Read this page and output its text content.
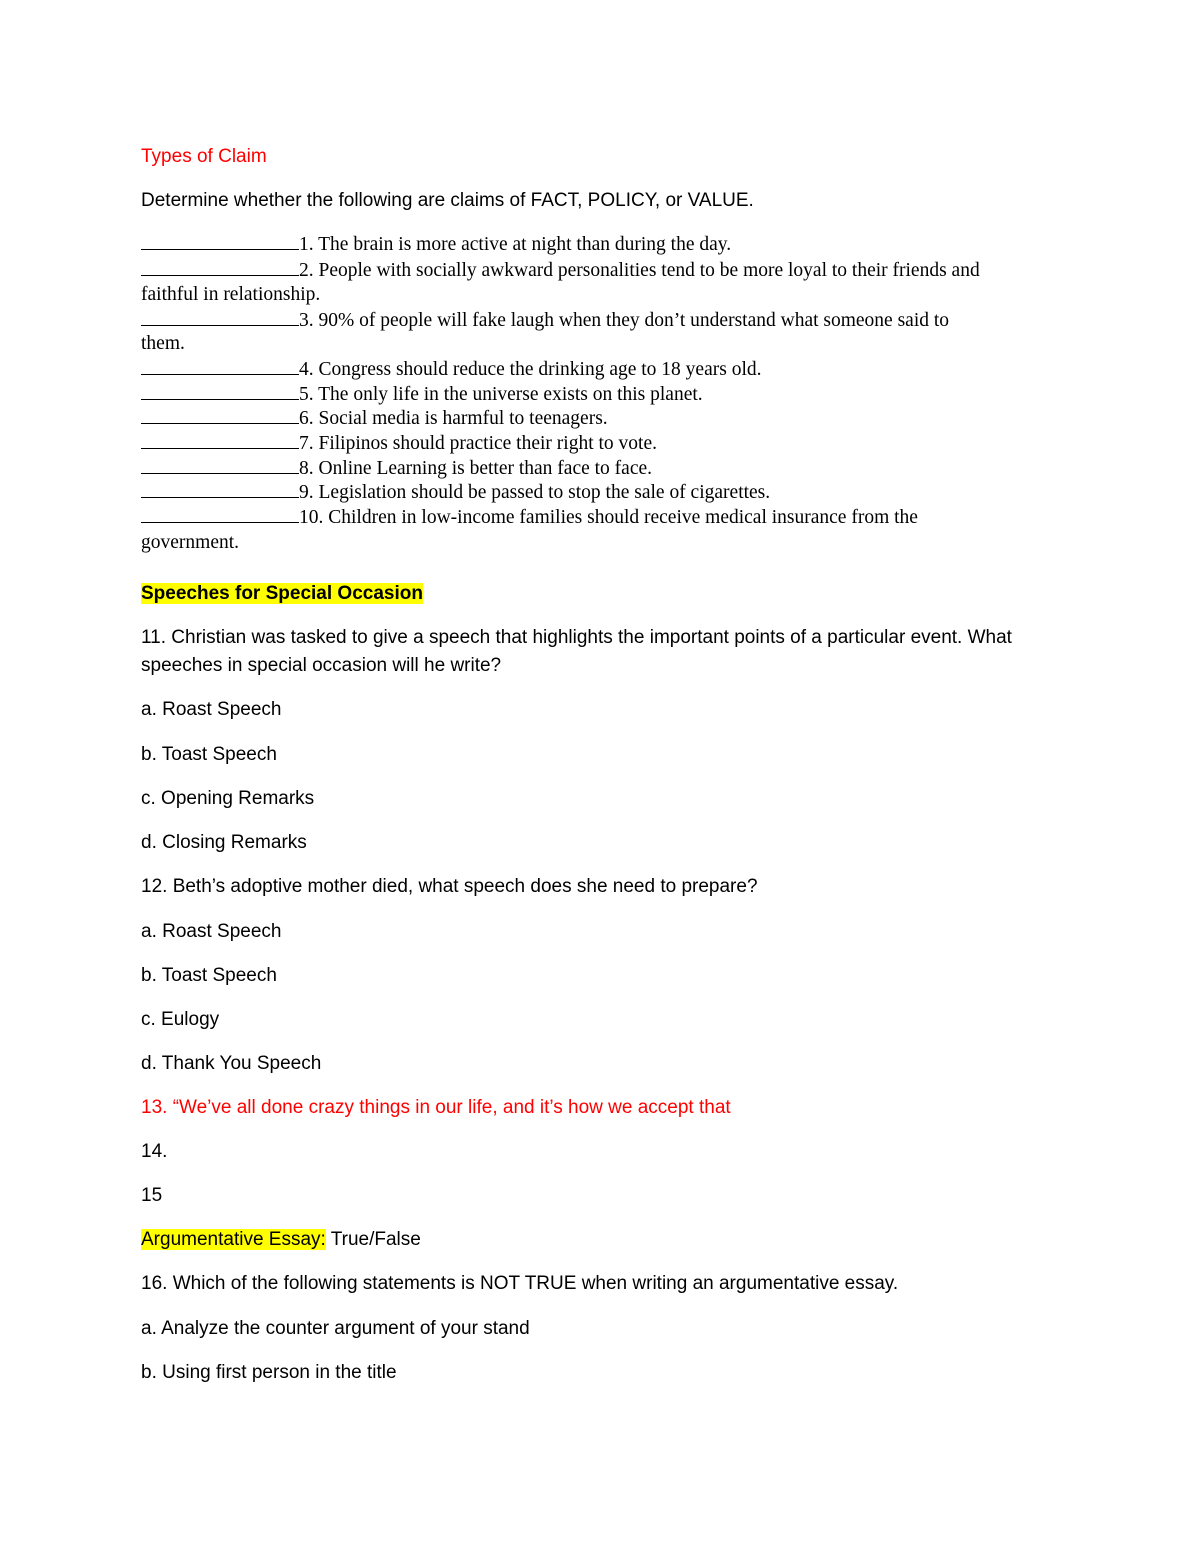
Types of Claim
Determine whether the following are claims of FACT, POLICY, or VALUE.
1. The brain is more active at night than during the day.
2. People with socially awkward personalities tend to be more loyal to their friends and
faithful in relationship.
3. 90% of people will fake laugh when they don’t understand what someone said to
them.
4. Congress should reduce the drinking age to 18 years old.
5. The only life in the universe exists on this planet.
6. Social media is harmful to teenagers.
7. Filipinos should practice their right to vote.
8. Online Learning is better than face to face.
9. Legislation should be passed to stop the sale of cigarettes.
10. Children in low-income families should receive medical insurance from the
government.
Speeches for Special Occasion
11. Christian was tasked to give a speech that highlights the important points of a particular event. What
speeches in special occasion will he write?
a. Roast Speech
b. Toast Speech
c. Opening Remarks
d. Closing Remarks
12. Beth’s adoptive mother died, what speech does she need to prepare?
a. Roast Speech
b. Toast Speech
c. Eulogy
d. Thank You Speech
13. “We’ve all done crazy things in our life, and it’s how we accept that
14.
15
Argumentative Essay: True/False
16. Which of the following statements is NOT TRUE when writing an argumentative essay.
a. Analyze the counter argument of your stand
b. Using first person in the title
